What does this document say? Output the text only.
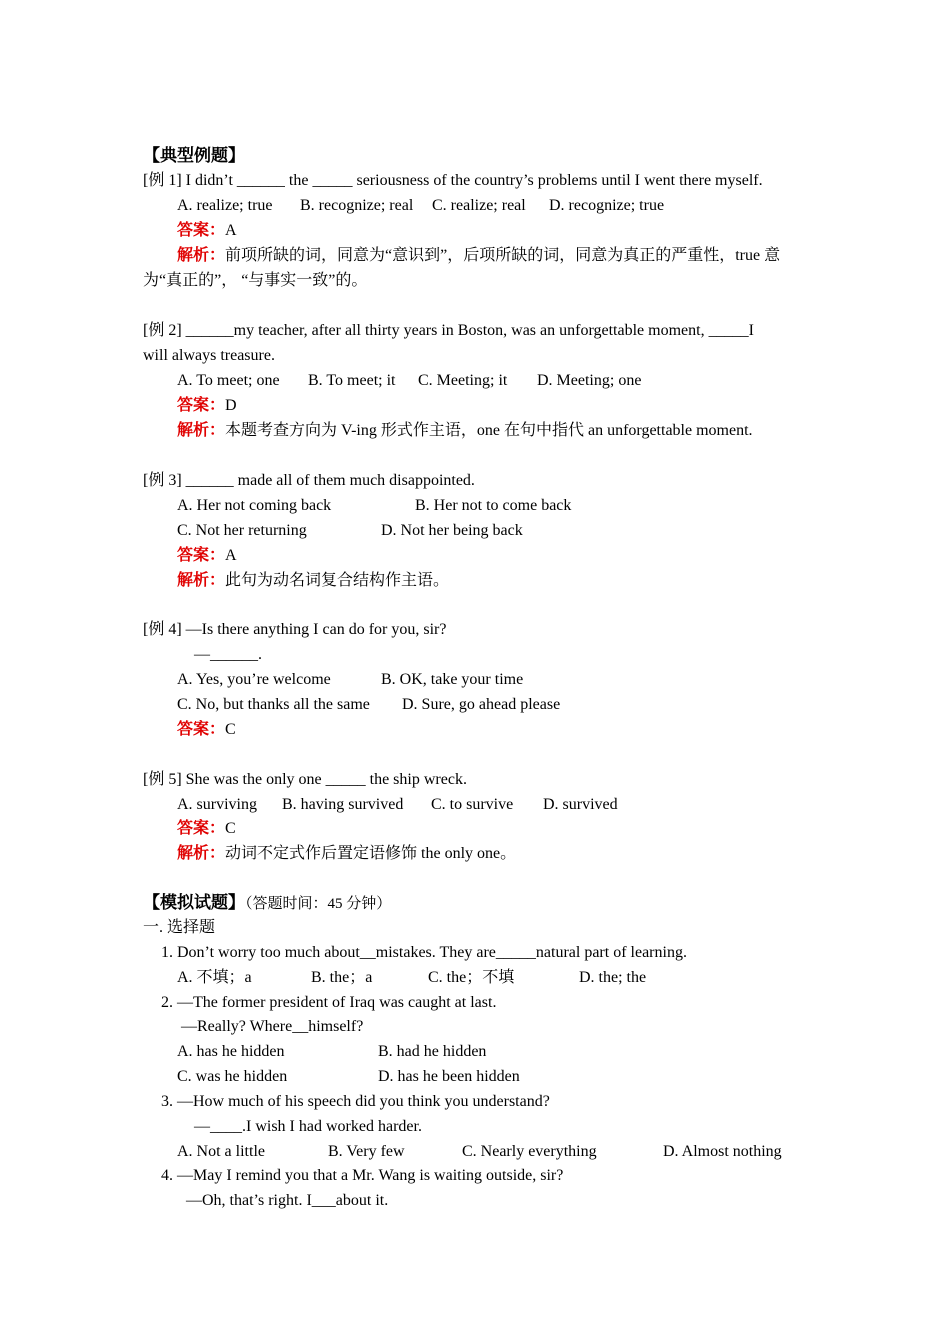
【典型例题】
[例 1] I didn’t ______ the _____ seriousness of the country’s problems until I went there myself.
A. realize; true B. recognize; real C. realize; real D. recognize; true
答案：A
解析：前项所缺的词，同意为“意识到”，后项所缺的词，同意为真正的严重性，true 意
为“真正的”， “与事实一致”的。
[例 2] ______my teacher, after all thirty years in Boston, was an unforgettable moment, _____I
will always treasure.
A. To meet; one B. To meet; it C. Meeting; it D. Meeting; one
答案：D
解析：本题考查方向为 V-ing 形式作主语，one 在句中指代 an unforgettable moment.
[例 3] ______ made all of them much disappointed.
A. Her not coming back	B. Her not to come back
C. Not her returning	D. Not her being back
答案：A
解析：此句为动名词复合结构作主语。
[例 4] —Is there anything I can do for you, sir?
—______.
A. Yes, you’re welcome	B. OK, take your time
C. No, but thanks all the same D. Sure, go ahead please
答案：C
[例 5] She was the only one _____ the ship wreck.
A. surviving B. having survived C. to survive D. survived
答案：C
解析：动词不定式作后置定语修饰 the only one。
【模拟试题】（答题时间：45 分钟）
一. 选择题
1. Don’t worry too much about__mistakes. They are_____natural part of learning.
A. 不填；a	B. the；a	C. the；不填	D. the; the
2. —The former president of Iraq was caught at last.
—Really? Where__himself?
A. has he hidden	B. had he hidden
C. was he hidden	D. has he been hidden
3. —How much of his speech did you think you understand?
—____.I wish I had worked harder.
A. Not a little	B. Very few	C. Nearly everything	D. Almost nothing
4. —May I remind you that a Mr. Wang is waiting outside, sir?
—Oh, that’s right. I___about it.
